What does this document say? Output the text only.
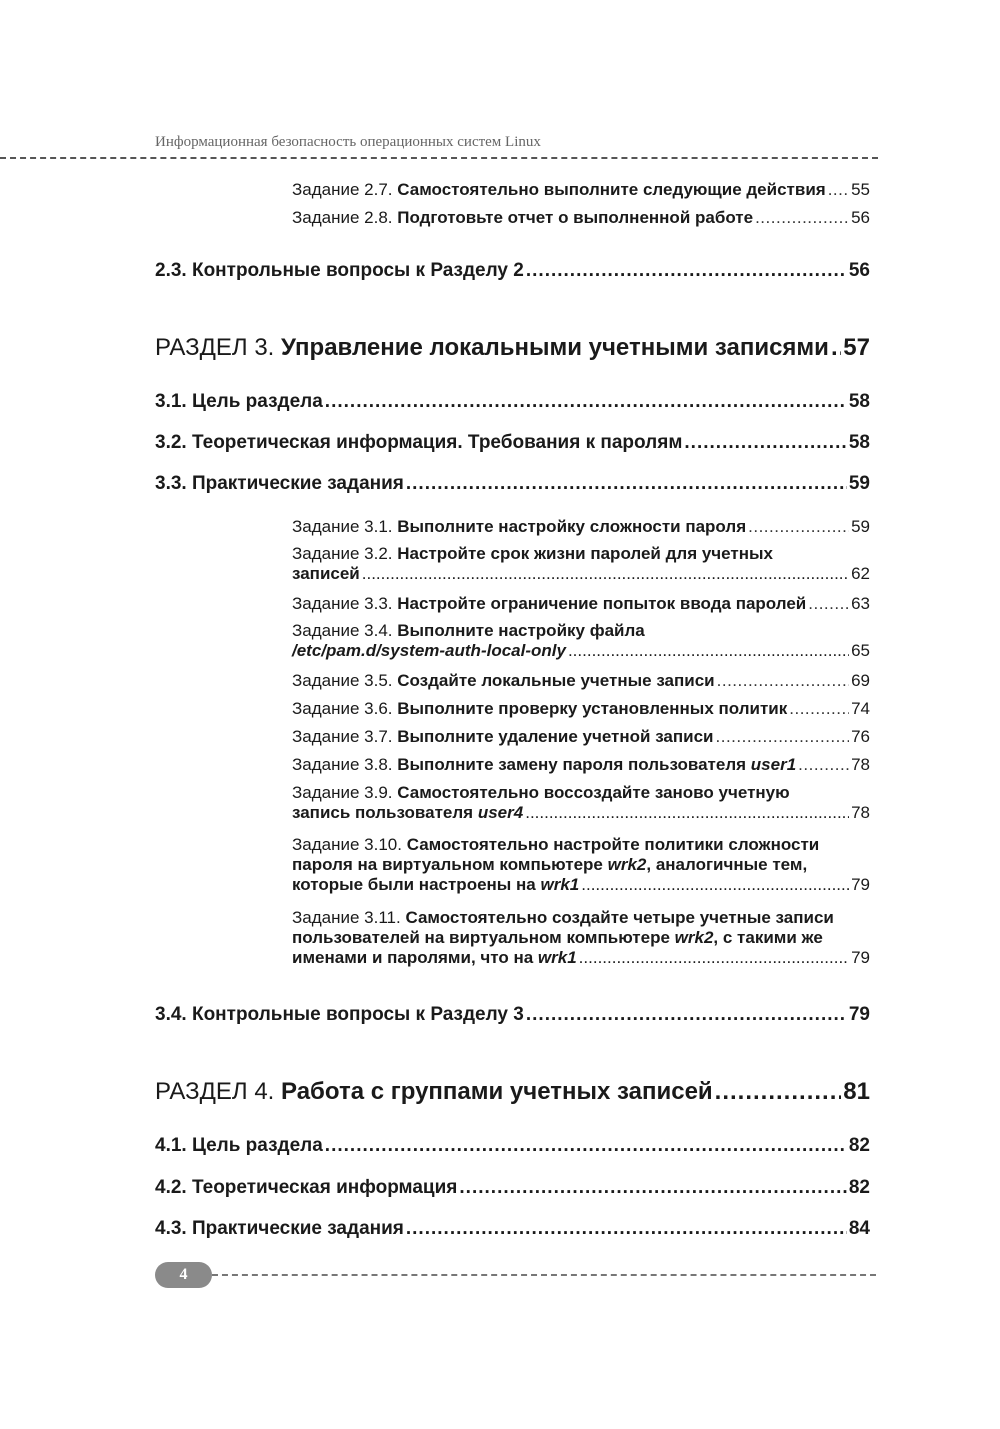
Информационная безопасность операционных систем Linux
Задание 2.7. Самостоятельно выполните следующие действия ..... 55
Задание 2.8. Подготовьте отчет о выполненной работе .....	56
2.3. Контрольные вопросы к Разделу 2 .....	56
РАЗДЕЛ 3. Управление локальными учетными записями ..... 57
3.1. Цель раздела .....	58
3.2. Теоретическая информация. Требования к паролям .....	58
3.3. Практические задания .....	59
Задание 3.1. Выполните настройку сложности пароля .....	59
Задание 3.2. Настройте срок жизни паролей для учетных
записей .....	62
Задание 3.3. Настройте ограничение попыток ввода паролей .....	63
Задание 3.4. Выполните настройку файла
/etc/pam.d/system-auth-local-only .....	65
Задание 3.5. Создайте локальные учетные записи .....	69
Задание 3.6. Выполните проверку установленных политик .....	74
Задание 3.7. Выполните удаление учетной записи .....	76
Задание 3.8. Выполните замену пароля пользователя user1 .....	78
Задание 3.9. Самостоятельно воссоздайте заново учетную
запись пользователя user4 .....	78
Задание 3.10. Самостоятельно настройте политики сложности
пароля на виртуальном компьютере wrk2, аналогичные тем,
которые были настроены на wrk1 .....	79
Задание 3.11. Самостоятельно создайте четыре учетные записи
пользователей на виртуальном компьютере wrk2, с такими же
именами и паролями, что на wrk1 .....	79
3.4. Контрольные вопросы к Разделу 3 .....	79
РАЗДЕЛ 4. Работа с группами учетных записей .....	81
4.1. Цель раздела .....	82
4.2. Теоретическая информация .....	82
4.3. Практические задания .....	84
4
